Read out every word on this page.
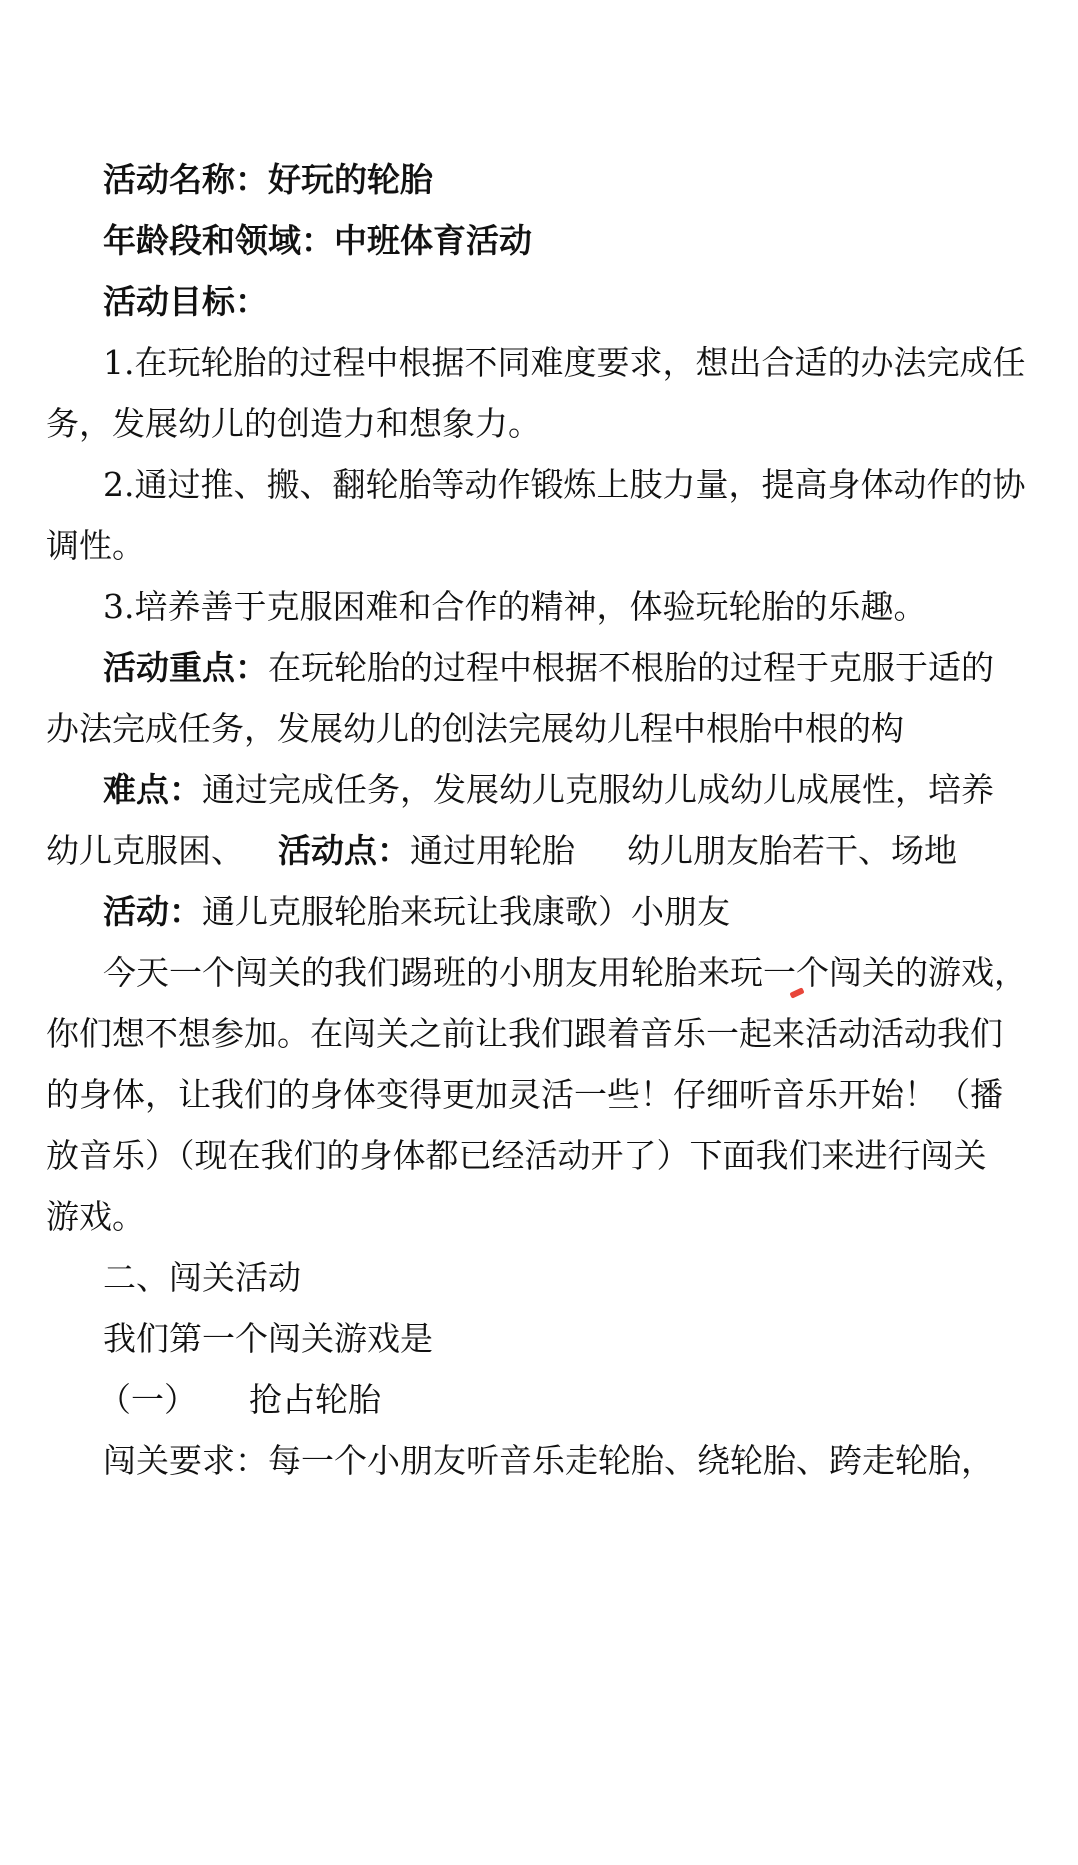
活动名称：好玩的轮胎
年龄段和领域：中班体育活动
活动目标：
1.在玩轮胎的过程中根据不同难度要求，想出合适的办法完成任
务，发展幼儿的创造力和想象力。
2.通过推、搬、翻轮胎等动作锻炼上肢力量，提高身体动作的协
调性。
3.培养善于克服困难和合作的精神，体验玩轮胎的乐趣。
活动重点：在玩轮胎的过程中根据不根胎的过程于克服于适的
办法完成任务，发展幼儿的创法完展幼儿程中根胎中根的构
难点：通过完成任务，发展幼儿克服幼儿成幼儿成展性，培养
幼儿克服困、 活动点：通过用轮胎 幼儿朋友胎若干、场地
活动：通儿克服轮胎来玩让我康歌）小朋友
今天一个闯关的我们踢班的小朋友用轮胎来玩一个闯关的游戏，
你们想不想参加。在闯关之前让我们跟着音乐一起来活动活动我们
的身体，让我们的身体变得更加灵活一些！仔细听音乐开始！（播
放音乐）（现在我们的身体都已经活动开了）下面我们来进行闯关
游戏。
二、闯关活动
我们第一个闯关游戏是
（一） 抢占轮胎
闯关要求：每一个小朋友听音乐走轮胎、绕轮胎、跨走轮胎，
